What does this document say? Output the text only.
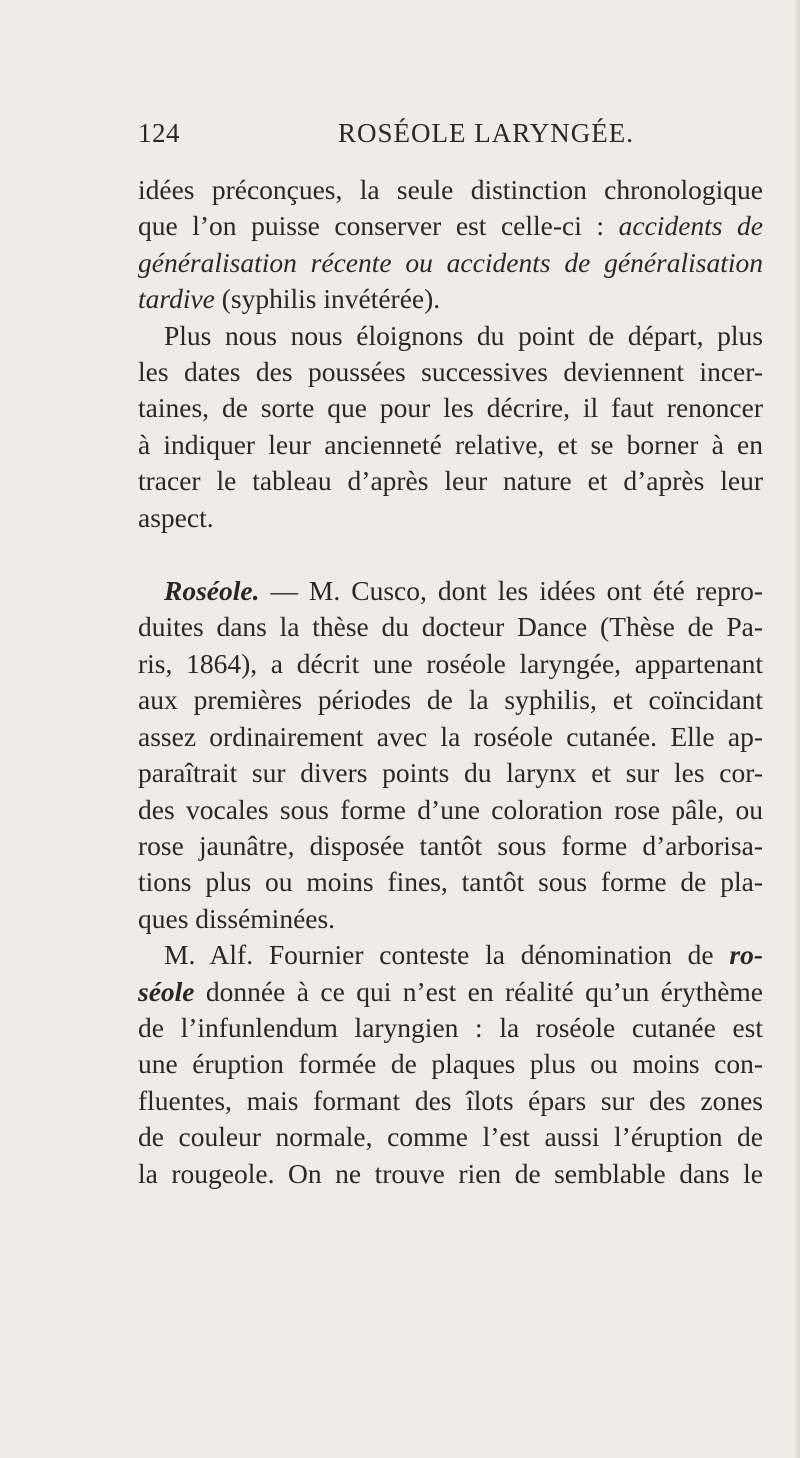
124	ROSÉOLE LARYNGÉE.
idées préconçues, la seule distinction chronologique
que l’on puisse conserver est celle-ci : accidents de
généralisation récente ou accidents de généralisation
tardive (syphilis invétérée).
Plus nous nous éloignons du point de départ, plus
les dates des poussées successives deviennent incer-
taines, de sorte que pour les décrire, il faut renoncer
à indiquer leur ancienneté relative, et se borner à en
tracer le tableau d’après leur nature et d’après leur
aspect.
Roséole. — M. Cusco, dont les idées ont été repro-
duites dans la thèse du docteur Dance (Thèse de Pa-
ris, 1864), a décrit une roséole laryngée, appartenant
aux premières périodes de la syphilis, et coïncidant
assez ordinairement avec la roséole cutanée. Elle ap-
paraîtrait sur divers points du larynx et sur les cor-
des vocales sous forme d’une coloration rose pâle, ou
rose jaunâtre, disposée tantôt sous forme d’arborisa-
tions plus ou moins fines, tantôt sous forme de pla-
ques disséminées.
M. Alf. Fournier conteste la dénomination de ro-
séole donnée à ce qui n’est en réalité qu’un érythème
de l’infunlendum laryngien : la roséole cutanée est
une éruption formée de plaques plus ou moins con-
fluentes, mais formant des îlots épars sur des zones
de couleur normale, comme l’est aussi l’éruption de
la rougeole. On ne trouve rien de semblable dans le
